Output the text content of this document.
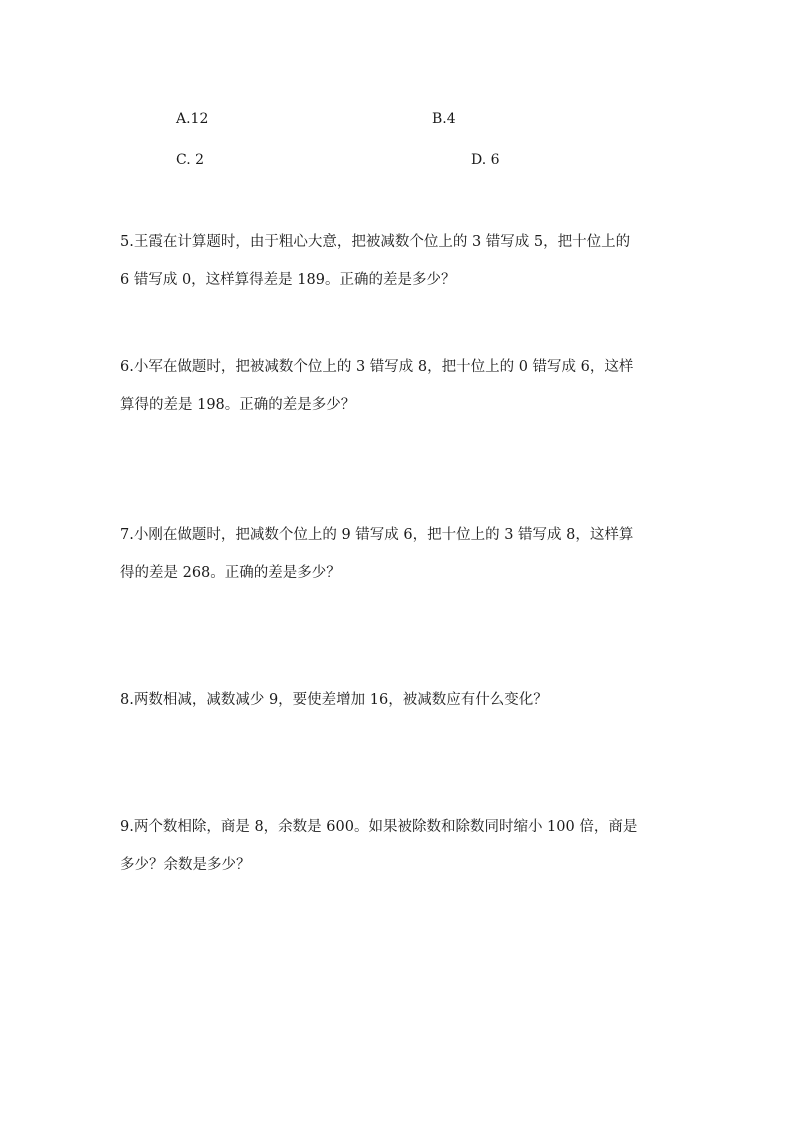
A.12	B.4
C. 2	D. 6
5.王霞在计算题时，由于粗心大意，把被减数个位上的 3 错写成 5，把十位上的
6 错写成 0，这样算得差是 189。正确的差是多少？
6.小军在做题时，把被减数个位上的 3 错写成 8，把十位上的 0 错写成 6，这样
算得的差是 198。正确的差是多少？
7.小刚在做题时，把减数个位上的 9 错写成 6，把十位上的 3 错写成 8，这样算
得的差是 268。正确的差是多少？
8.两数相减，减数减少 9，要使差增加 16，被减数应有什么变化？
9.两个数相除，商是 8，余数是 600。如果被除数和除数同时缩小 100 倍，商是
多少？余数是多少？
